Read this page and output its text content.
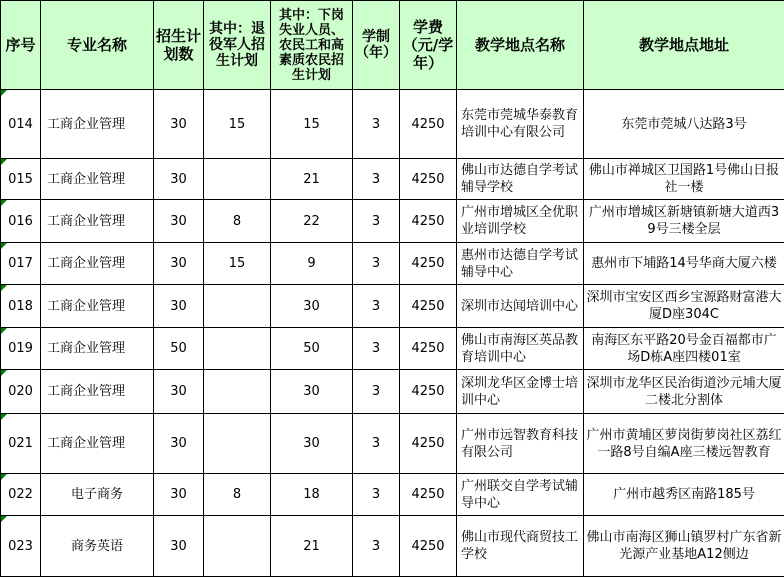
序号	专业名称	招生计划数	其中：退役军人招生计划	其中：下岗失业人员、农民工和高素质农民招生计划	学制（年）	学费（元/学年）	教学地点名称	教学地点地址

014	工商企业管理	30	15	15	3	4250	东莞市莞城华泰教育培训中心有限公司	东莞市莞城八达路3号

015	工商企业管理	30		21	3	4250	佛山市达德自学考试辅导学校	佛山市禅城区卫国路1号佛山日报社一楼

016	工商企业管理	30	8	22	3	4250	广州市增城区全优职业培训学校	广州市增城区新塘镇新塘大道西39号三楼全层

017	工商企业管理	30	15	9	3	4250	惠州市达德自学考试辅导中心	惠州市下埔路14号华商大厦六楼

018	工商企业管理	30		30	3	4250	深圳市达闻培训中心	深圳市宝安区西乡宝源路财富港大厦D座304C

019	工商企业管理	50		50	3	4250	佛山市南海区英品教育培训中心	南海区东平路20号金百福都市广场D栋A座四楼01室

020	工商企业管理	30		30	3	4250	深圳龙华区金博士培训中心	深圳市龙华区民治街道沙元埔大厦二楼北分割体

021	工商企业管理	30		30	3	4250	广州市远智教育科技有限公司	广州市黄埔区萝岗街萝岗社区荔红一路8号自编A座三楼远智教育

022	电子商务	30	8	18	3	4250	广州联交自学考试辅导中心	广州市越秀区南路185号

023	商务英语	30		21	3	4250	佛山市现代商贸技工学校	佛山市南海区狮山镇罗村广东省新光源产业基地A12侧边
